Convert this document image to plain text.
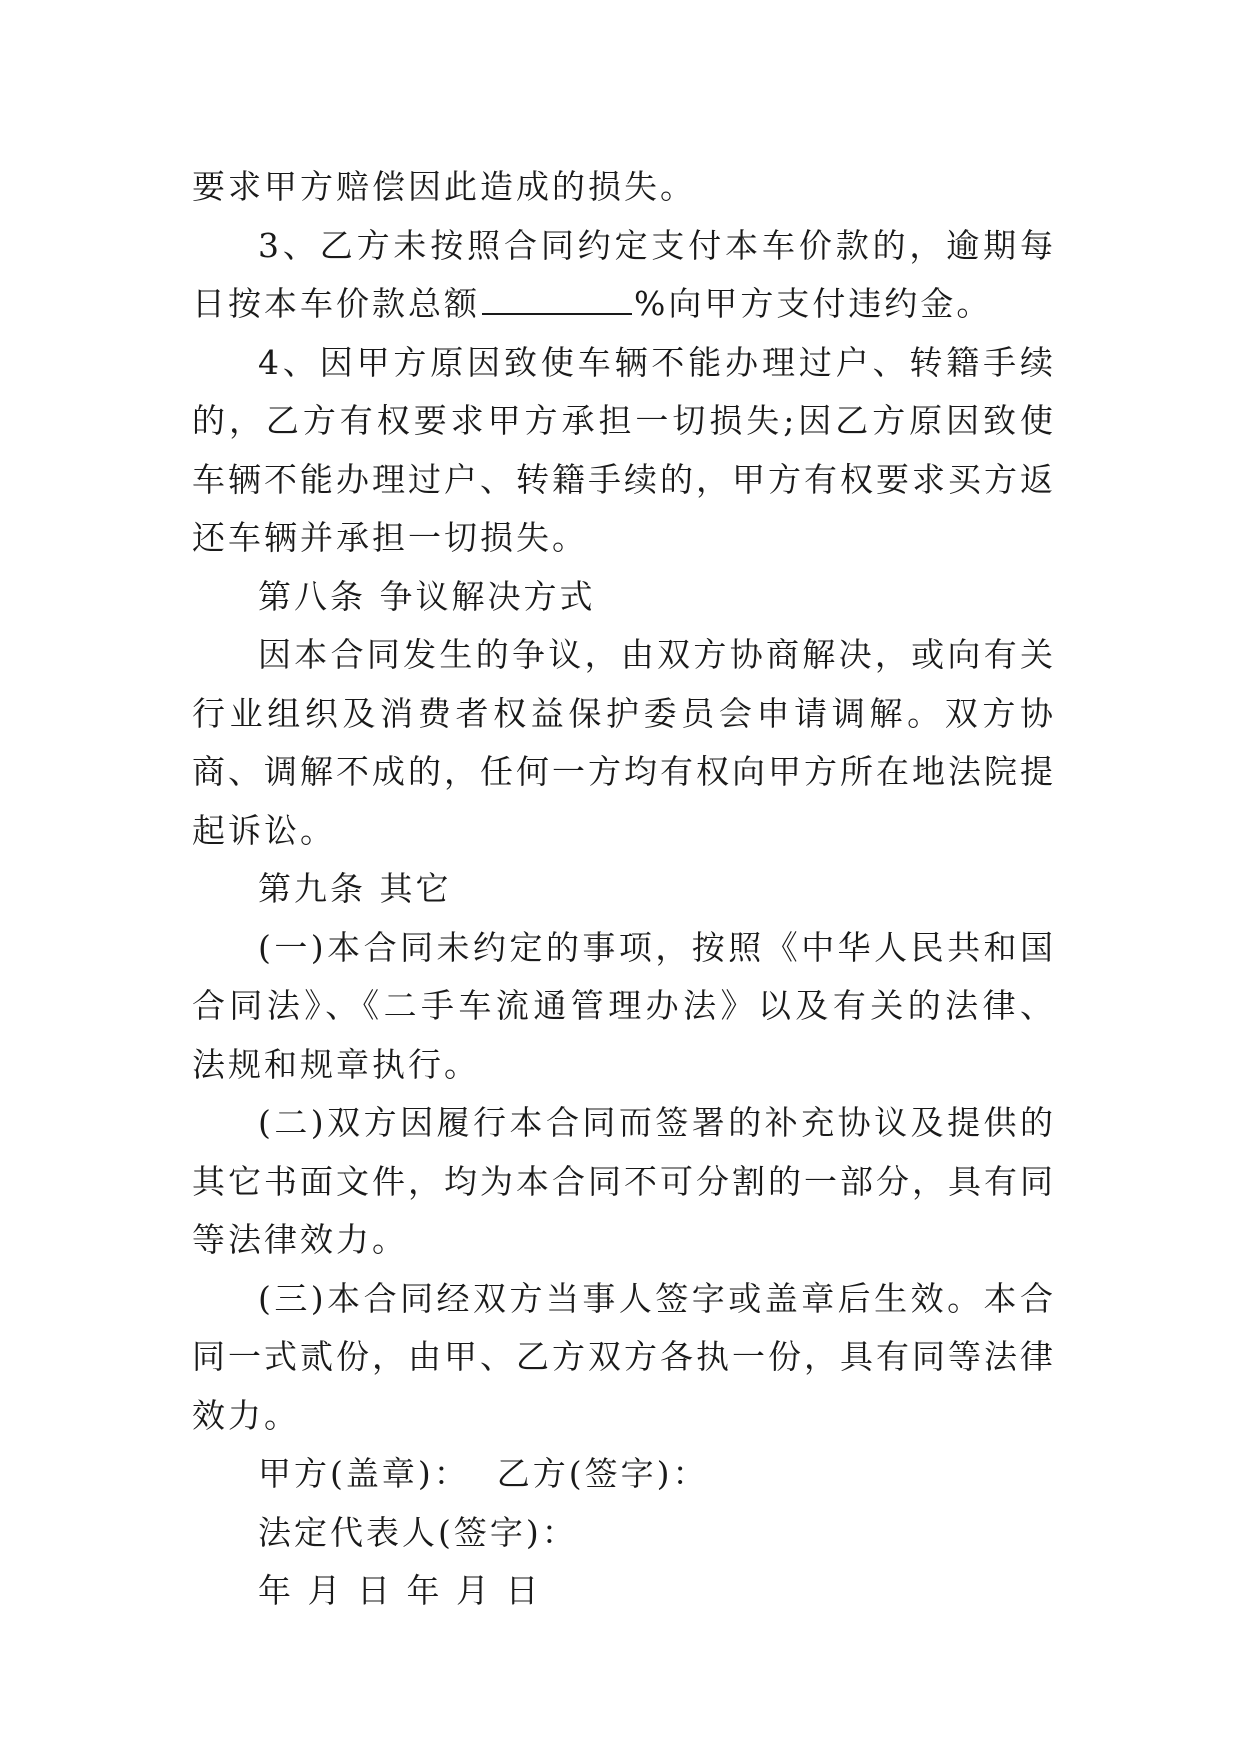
要求甲方赔偿因此造成的损失。

3、乙方未按照合同约定支付本车价款的，逾期每日按本车价款总额	%向甲方支付违约金。

4、因甲方原因致使车辆不能办理过户、转籍手续的，乙方有权要求甲方承担一切损失;因乙方原因致使车辆不能办理过户、转籍手续的，甲方有权要求买方返还车辆并承担一切损失。

第八条 争议解决方式

因本合同发生的争议，由双方协商解决，或向有关行业组织及消费者权益保护委员会申请调解。双方协商、调解不成的，任何一方均有权向甲方所在地法院提起诉讼。

第九条 其它

(一)本合同未约定的事项，按照《中华人民共和国合同法》、《二手车流通管理办法》以及有关的法律、法规和规章执行。

(二)双方因履行本合同而签署的补充协议及提供的其它书面文件，均为本合同不可分割的一部分，具有同等法律效力。

(三)本合同经双方当事人签字或盖章后生效。本合同一式贰份，由甲、乙方双方各执一份，具有同等法律效力。

甲方(盖章)： 乙方(签字)：

法定代表人(签字)：

年 月 日 年 月 日
